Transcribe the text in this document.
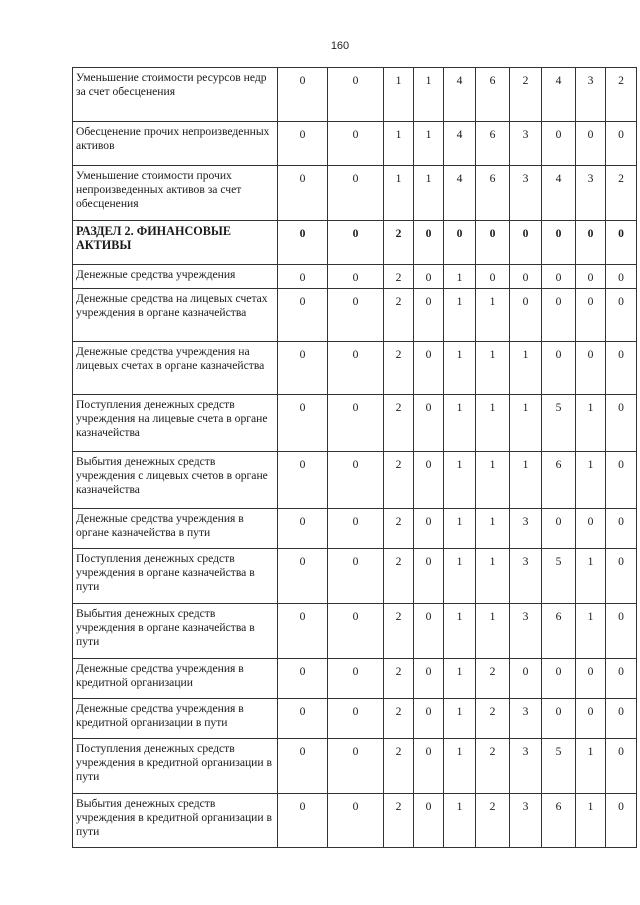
160
Уменьшение стоимости ресурсов недр за счет обесценения	0	0	1	1	4	6	2	4	3	2
Обесценение прочих непроизведенных активов	0	0	1	1	4	6	3	0	0	0
Уменьшение стоимости прочих непроизведенных активов за счет обесценения	0	0	1	1	4	6	3	4	3	2
РАЗДЕЛ 2. ФИНАНСОВЫЕ АКТИВЫ	0	0	2	0	0	0	0	0	0	0
Денежные средства учреждения	0	0	2	0	1	0	0	0	0	0
Денежные средства на лицевых счетах учреждения в органе казначейства	0	0	2	0	1	1	0	0	0	0
Денежные средства учреждения на лицевых счетах в органе казначейства	0	0	2	0	1	1	1	0	0	0
Поступления денежных средств учреждения на лицевые счета в органе казначейства	0	0	2	0	1	1	1	5	1	0
Выбытия денежных средств учреждения с лицевых счетов в органе казначейства	0	0	2	0	1	1	1	6	1	0
Денежные средства учреждения в органе казначейства в пути	0	0	2	0	1	1	3	0	0	0
Поступления денежных средств учреждения в органе казначейства в пути	0	0	2	0	1	1	3	5	1	0
Выбытия денежных средств учреждения в органе казначейства в пути	0	0	2	0	1	1	3	6	1	0
Денежные средства учреждения в кредитной организации	0	0	2	0	1	2	0	0	0	0
Денежные средства учреждения в кредитной организации в пути	0	0	2	0	1	2	3	0	0	0
Поступления денежных средств учреждения в кредитной организации в пути	0	0	2	0	1	2	3	5	1	0
Выбытия денежных средств учреждения в кредитной организации в пути	0	0	2	0	1	2	3	6	1	0
